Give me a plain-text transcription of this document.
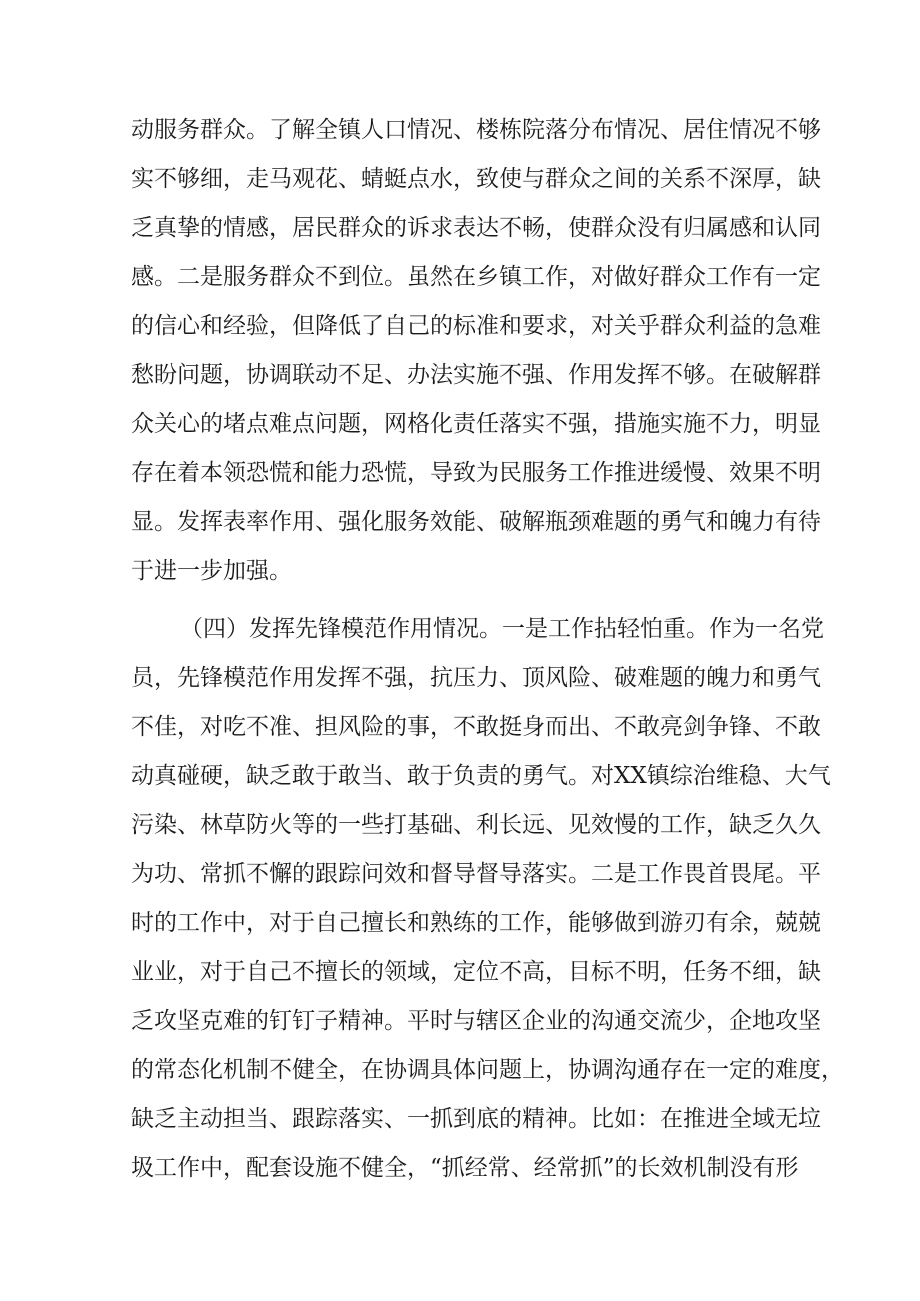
动服务群众。了解全镇人口情况、楼栋院落分布情况、居住情况不够
实不够细，走马观花、蜻蜓点水，致使与群众之间的关系不深厚，缺
乏真挚的情感，居民群众的诉求表达不畅，使群众没有归属感和认同
感。二是服务群众不到位。虽然在乡镇工作，对做好群众工作有一定
的信心和经验，但降低了自己的标准和要求，对关乎群众利益的急难
愁盼问题，协调联动不足、办法实施不强、作用发挥不够。在破解群
众关心的堵点难点问题，网格化责任落实不强，措施实施不力，明显
存在着本领恐慌和能力恐慌，导致为民服务工作推进缓慢、效果不明
显。发挥表率作用、强化服务效能、破解瓶颈难题的勇气和魄力有待
于进一步加强。
（四）发挥先锋模范作用情况。一是工作拈轻怕重。作为一名党
员，先锋模范作用发挥不强，抗压力、顶风险、破难题的魄力和勇气
不佳，对吃不准、担风险的事，不敢挺身而出、不敢亮剑争锋、不敢
动真碰硬，缺乏敢于敢当、敢于负责的勇气。对XX镇综治维稳、大气
污染、林草防火等的一些打基础、利长远、见效慢的工作，缺乏久久
为功、常抓不懈的跟踪问效和督导督导落实。二是工作畏首畏尾。平
时的工作中，对于自己擅长和熟练的工作，能够做到游刃有余，兢兢
业业，对于自己不擅长的领域，定位不高，目标不明，任务不细，缺
乏攻坚克难的钉钉子精神。平时与辖区企业的沟通交流少，企地攻坚
的常态化机制不健全，在协调具体问题上，协调沟通存在一定的难度，
缺乏主动担当、跟踪落实、一抓到底的精神。比如：在推进全域无垃
圾工作中，配套设施不健全，“抓经常、经常抓”的长效机制没有形
